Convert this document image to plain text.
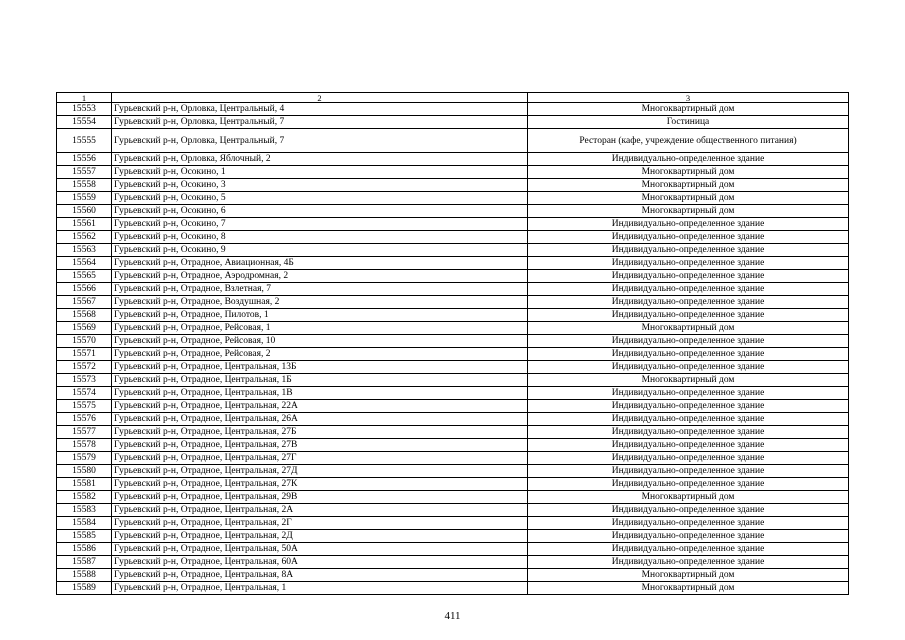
1	2	3
15553	Гурьевский р-н, Орловка, Центральный, 4	Многоквартирный дом
15554	Гурьевский р-н, Орловка, Центральный, 7	Гостиница
15555	Гурьевский р-н, Орловка, Центральный, 7	Ресторан (кафе, учреждение общественного питания)
15556	Гурьевский р-н, Орловка, Яблочный, 2	Индивидуально-определенное здание
15557	Гурьевский р-н, Осокино, 1	Многоквартирный дом
15558	Гурьевский р-н, Осокино, 3	Многоквартирный дом
15559	Гурьевский р-н, Осокино, 5	Многоквартирный дом
15560	Гурьевский р-н, Осокино, 6	Многоквартирный дом
15561	Гурьевский р-н, Осокино, 7	Индивидуально-определенное здание
15562	Гурьевский р-н, Осокино, 8	Индивидуально-определенное здание
15563	Гурьевский р-н, Осокино, 9	Индивидуально-определенное здание
15564	Гурьевский р-н, Отрадное, Авиационная, 4Б	Индивидуально-определенное здание
15565	Гурьевский р-н, Отрадное, Аэродромная, 2	Индивидуально-определенное здание
15566	Гурьевский р-н, Отрадное, Взлетная, 7	Индивидуально-определенное здание
15567	Гурьевский р-н, Отрадное, Воздушная, 2	Индивидуально-определенное здание
15568	Гурьевский р-н, Отрадное, Пилотов, 1	Индивидуально-определенное здание
15569	Гурьевский р-н, Отрадное, Рейсовая, 1	Многоквартирный дом
15570	Гурьевский р-н, Отрадное, Рейсовая, 10	Индивидуально-определенное здание
15571	Гурьевский р-н, Отрадное, Рейсовая, 2	Индивидуально-определенное здание
15572	Гурьевский р-н, Отрадное, Центральная, 13Б	Индивидуально-определенное здание
15573	Гурьевский р-н, Отрадное, Центральная, 1Б	Многоквартирный дом
15574	Гурьевский р-н, Отрадное, Центральная, 1В	Индивидуально-определенное здание
15575	Гурьевский р-н, Отрадное, Центральная, 22А	Индивидуально-определенное здание
15576	Гурьевский р-н, Отрадное, Центральная, 26А	Индивидуально-определенное здание
15577	Гурьевский р-н, Отрадное, Центральная, 27Б	Индивидуально-определенное здание
15578	Гурьевский р-н, Отрадное, Центральная, 27В	Индивидуально-определенное здание
15579	Гурьевский р-н, Отрадное, Центральная, 27Г	Индивидуально-определенное здание
15580	Гурьевский р-н, Отрадное, Центральная, 27Д	Индивидуально-определенное здание
15581	Гурьевский р-н, Отрадное, Центральная, 27К	Индивидуально-определенное здание
15582	Гурьевский р-н, Отрадное, Центральная, 29В	Многоквартирный дом
15583	Гурьевский р-н, Отрадное, Центральная, 2А	Индивидуально-определенное здание
15584	Гурьевский р-н, Отрадное, Центральная, 2Г	Индивидуально-определенное здание
15585	Гурьевский р-н, Отрадное, Центральная, 2Д	Индивидуально-определенное здание
15586	Гурьевский р-н, Отрадное, Центральная, 50А	Индивидуально-определенное здание
15587	Гурьевский р-н, Отрадное, Центральная, 60А	Индивидуально-определенное здание
15588	Гурьевский р-н, Отрадное, Центральная, 8А	Многоквартирный дом
15589	Гурьевский р-н, Отрадное, Центральная, 1	Многоквартирный дом
411
